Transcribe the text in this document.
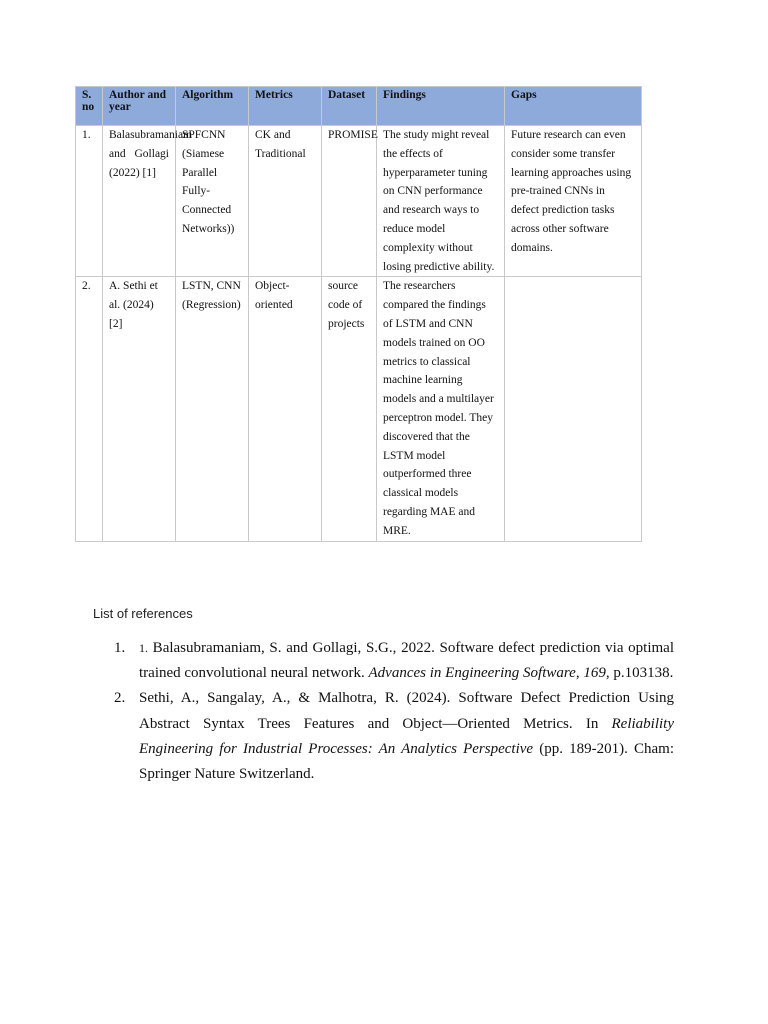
S. no	Author and year	Algorithm	Metrics	Dataset	Findings	Gaps
1.	Balasubramaniam and Gollagi (2022) [1]	SPFCNN (Siamese Parallel Fully-Connected Networks))	CK and Traditional	PROMISE	The study might reveal the effects of hyperparameter tuning on CNN performance and research ways to reduce model complexity without losing predictive ability.	Future research can even consider some transfer learning approaches using pre-trained CNNs in defect prediction tasks across other software domains.
2.	A. Sethi et al. (2024) [2]	LSTN, CNN (Regression)	Object-oriented	source code of projects	The researchers compared the findings of LSTM and CNN models trained on OO metrics to classical machine learning models and a multilayer perceptron model. They discovered that the LSTM model outperformed three classical models regarding MAE and MRE.	
List of references
1. 1. Balasubramaniam, S. and Gollagi, S.G., 2022. Software defect prediction via optimal trained convolutional neural network. Advances in Engineering Software, 169, p.103138.
2. Sethi, A., Sangalay, A., & Malhotra, R. (2024). Software Defect Prediction Using Abstract Syntax Trees Features and Object—Oriented Metrics. In Reliability Engineering for Industrial Processes: An Analytics Perspective (pp. 189-201). Cham: Springer Nature Switzerland.
